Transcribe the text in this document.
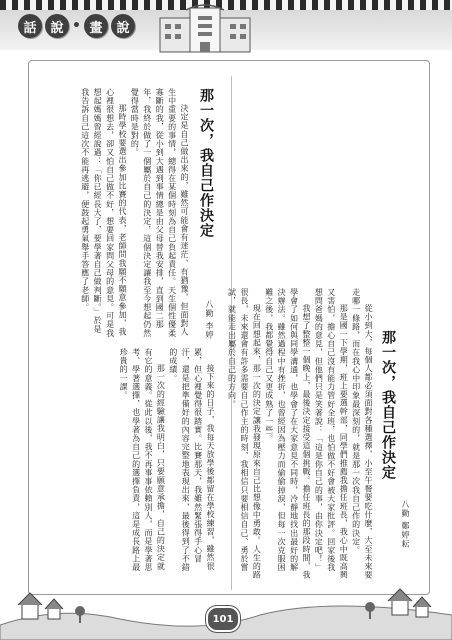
話	說 • 畫	說
那一次，我自己作決定
八勤 李婷

決定是自己做出來的，雖然可能會有迷茫、有猶豫，但面對人生中重要的事情，總得在某個時刻為自己負起責任。天生個性優柔寡斷的我，從小到大遇到事情總是由父母替我安排，直到國二那年，我終於做了一個屬於自己的決定，這個決定讓我至今想起仍然覺得當時是對的。

那時學校要選出參加比賽的代表，老師問我願不願意參加，我心裡很想去，卻又怕自己做不好，想要回家問父母的意見。可是我想起媽媽曾經說過：「你已經長大了，要學著自己做判斷。」於是我告訴自己這次不能再逃避，便鼓起勇氣舉手答應了老師。

接下來的日子，我每天放學後都留在學校練習，雖然很累，但心裡覺得很踏實。比賽那天，我雖然緊張得手心冒汗，還是把準備好的內容完整地表現出來，最後得到了不錯的成績。

那一次的經驗讓我明白，只要願意承擔，自己的決定就有它的意義。從此以後，我不再事事依賴別人，而是學著思考、學著選擇，也學著為自己的選擇負責，這是成長路上最珍貴的一課。	那一次，我自己作決定
八勤 鄭婷耘

從小到大，每個人都必須面對各種選擇，小至午餐要吃什麼，大至未來要走哪一條路，而在我心中印象最深刻的，就是那一次我自己作的決定。

那是國一下學期，班上要選幹部，同學們推薦我擔任班長，我心中既高興又害怕，擔心自己沒有能力管好全班，也怕做不好會被大家批評。回家後我想問爸媽的意見，但他們只是笑著說：「這是你自己的事，由你決定吧！」

我想了整整一個晚上，最後決定接受這個挑戰。擔任班長的那段時間，我學會了如何與同學溝通，也學會了在大家意見不同時，冷靜地找出最好的解決辦法。雖然過程中有挫折，也曾經因為壓力而偷偷掉淚，但每一次克服困難之後，我都覺得自己又更成熟了一些。

現在回想起來，那一次的決定讓我發現原來自己比想像中勇敢。人生的路很長，未來還會有許多需要自己作主的時刻，我相信只要相信自己、勇於嘗試，就能走出屬於自己的方向。

101
